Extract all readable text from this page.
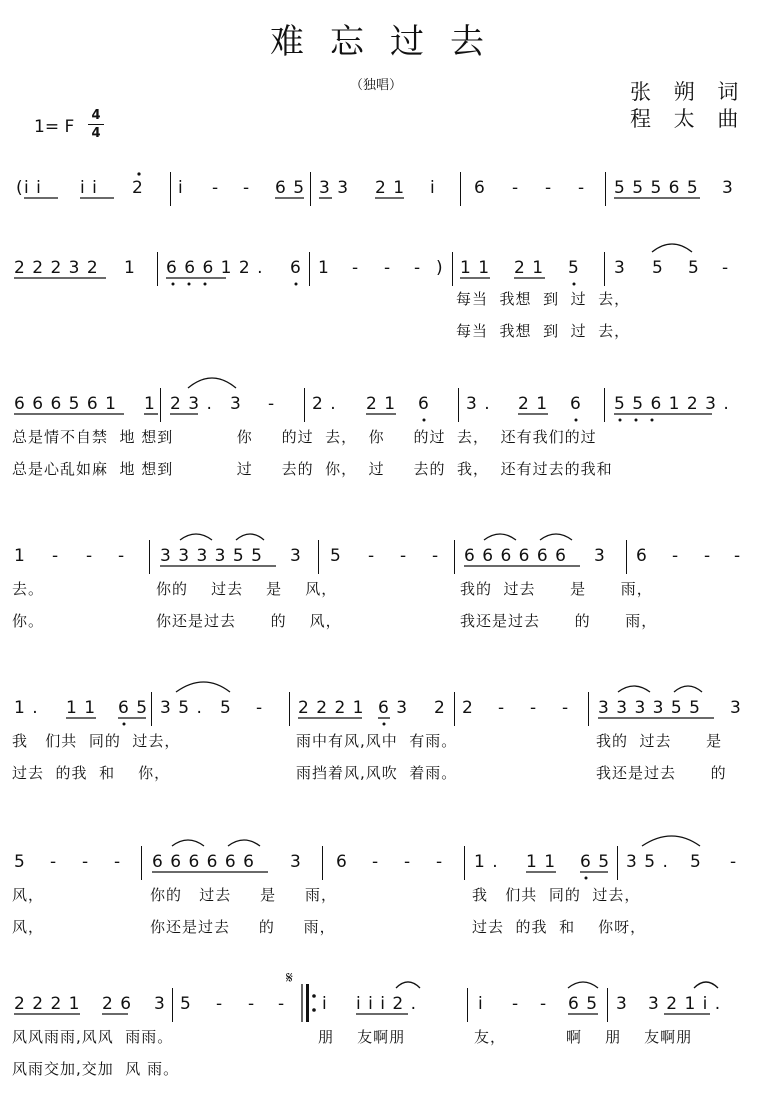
难忘过去
（独唱）	张 朔 词
程 太 曲
1= F
4
4
( i i i i 2 i - - 6 5 3 3 2 1 i 6 - - - 5 5 5 6 5 3
2 2 2 3 2 1 6 6 6 1 2 . 6 1 - - - ) 1 1 2 1 5 3 5 5 -
每当  我想  到  过  去，
每当  我想  到  过  去，
6 6 6 5 6 1 1 2 3 . 3 - 2 . 2 1 6 3 . 2 1 6 5 5 6 1 2 3 .
总是情不自禁  地 想到           你     的过  去，  你     的过  去，  还有我们的过
总是心乱如麻  地 想到           过     去的  你，  过     去的  我，  还有过去的我和
1 - - - 3 3 3 3 5 5 3 5 - - - 6 6 6 6 6 6 3 6 - - -
去。	你的    过去    是    风，	我的  过去      是      雨，
你。	你还是过去      的    风，	我还是过去      的      雨，
1 . 1 1 6 5 3 5 . 5 - 2 2 2 1 6 3 2 2 - - - 3 3 3 3 5 5 3
我   们共  同的  过去，	雨中有风,风中  有雨。	我的  过去      是
过去  的我  和    你，	雨挡着风,风吹  着雨。	我还是过去      的
5 - - - 6 6 6 6 6 6 3 6 - - - 1 . 1 1 6 5 3 5 . 5 -
风，	你的   过去     是     雨，	我   们共  同的  过去，
风，	你还是过去     的     雨，	过去  的我  和    你呀，
2 2 2 1 2 6 3 5 - - - i i i i 2 .	i - - 6 5 3 3 2 1 i .
风风雨雨,风风  雨雨。	朋    友啊朋	友，	啊    朋    友啊朋
风雨交加,交加  风 雨。
𝄋
